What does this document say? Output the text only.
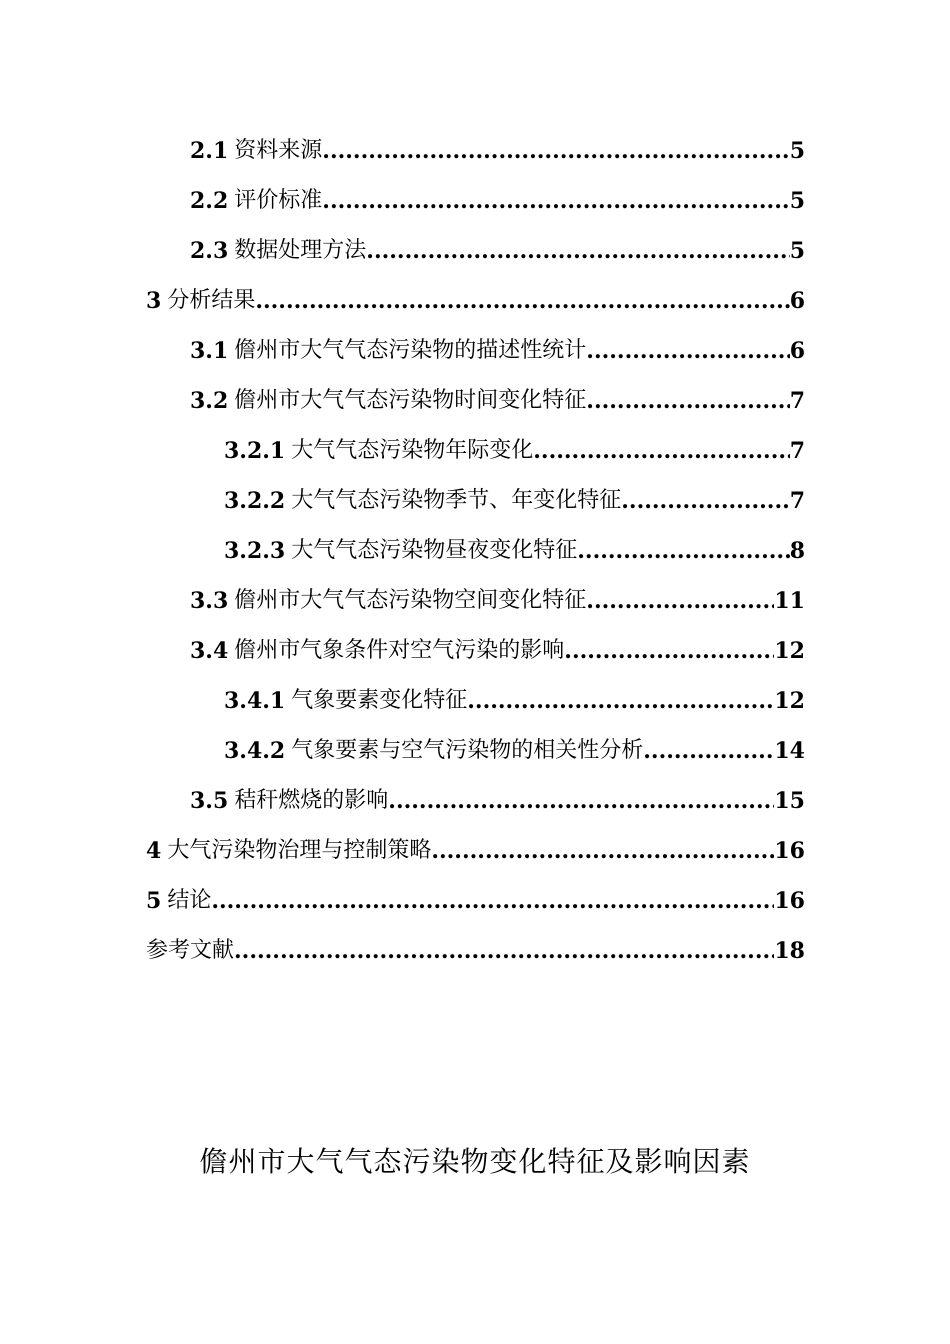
2.1 资料来源 .....	5
2.2 评价标准 .....	5
2.3 数据处理方法 .....	5
3 分析结果 .....	6
3.1 儋州市大气气态污染物的描述性统计 .....	6
3.2 儋州市大气气态污染物时间变化特征 .....	7
3.2.1 大气气态污染物年际变化 .....	7
3.2.2 大气气态污染物季节、年变化特征 .....	7
3.2.3 大气气态污染物昼夜变化特征 .....	8
3.3 儋州市大气气态污染物空间变化特征 .....	11
3.4 儋州市气象条件对空气污染的影响 .....	12
3.4.1 气象要素变化特征 .....	12
3.4.2 气象要素与空气污染物的相关性分析 .....	14
3.5 秸秆燃烧的影响 .....	15
4 大气污染物治理与控制策略 .....	16
5 结论 .....	16
参考文献 .....	18
儋州市大气气态污染物变化特征及影响因素
